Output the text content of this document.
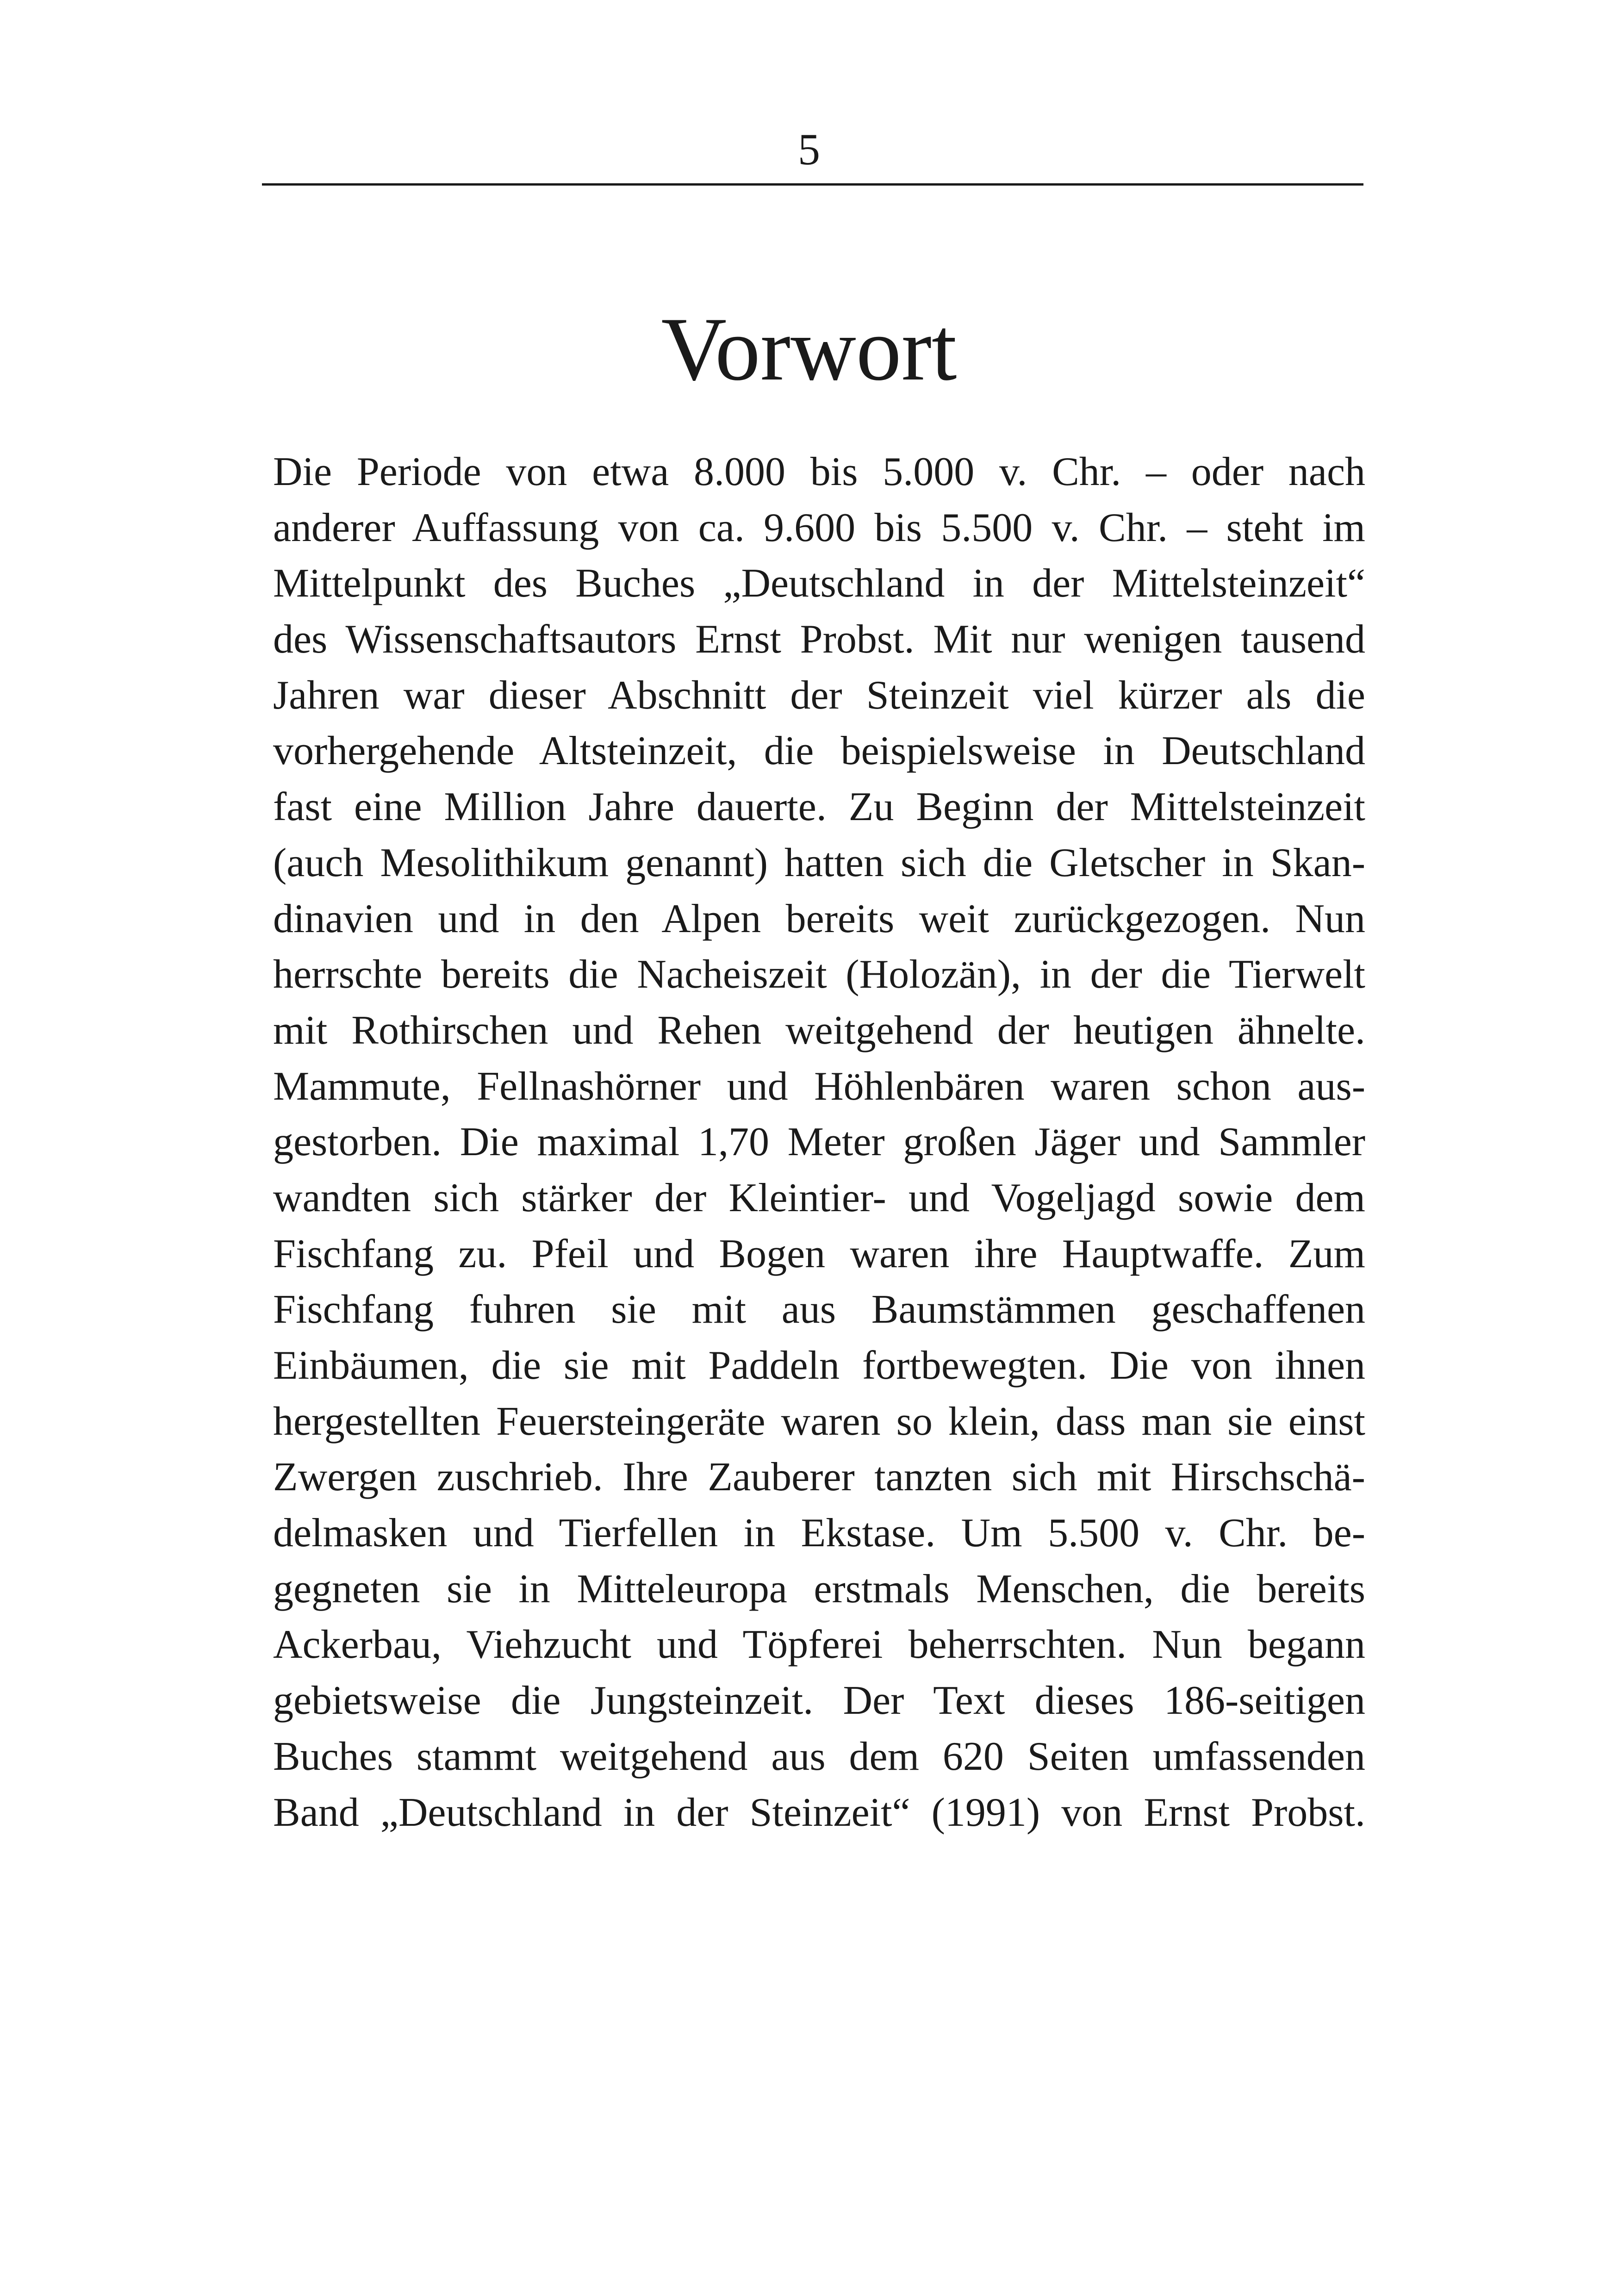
5
Vorwort
Die Periode von etwa 8.000 bis 5.000 v. Chr. – oder nach
anderer Auffassung von ca. 9.600 bis 5.500 v. Chr. – steht im
Mittelpunkt des Buches „Deutschland in der Mittelsteinzeit“
des Wissenschaftsautors Ernst Probst. Mit nur wenigen tausend
Jahren war dieser Abschnitt der Steinzeit viel kürzer als die
vorhergehende Altsteinzeit, die beispielsweise in Deutschland
fast eine Million Jahre dauerte. Zu Beginn der Mittelsteinzeit
(auch Mesolithikum genannt) hatten sich die Gletscher in Skan-
dinavien und in den Alpen bereits weit zurückgezogen. Nun
herrschte bereits die Nacheiszeit (Holozän), in der die Tierwelt
mit Rothirschen und Rehen weitgehend der heutigen ähnelte.
Mammute, Fellnashörner und Höhlenbären waren schon aus-
gestorben. Die maximal 1,70 Meter großen Jäger und Sammler
wandten sich stärker der Kleintier- und Vogeljagd sowie dem
Fischfang zu. Pfeil und Bogen waren ihre Hauptwaffe. Zum
Fischfang fuhren sie mit aus Baumstämmen geschaffenen
Einbäumen, die sie mit Paddeln fortbewegten. Die von ihnen
hergestellten Feuersteingeräte waren so klein, dass man sie einst
Zwergen zuschrieb. Ihre Zauberer tanzten sich mit Hirschschä-
delmasken und Tierfellen in Ekstase. Um 5.500 v. Chr. be-
gegneten sie in Mitteleuropa erstmals Menschen, die bereits
Ackerbau, Viehzucht und Töpferei beherrschten. Nun begann
gebietsweise die Jungsteinzeit. Der Text dieses 186-seitigen
Buches stammt weitgehend aus dem 620 Seiten umfassenden
Band „Deutschland in der Steinzeit“ (1991) von Ernst Probst.
